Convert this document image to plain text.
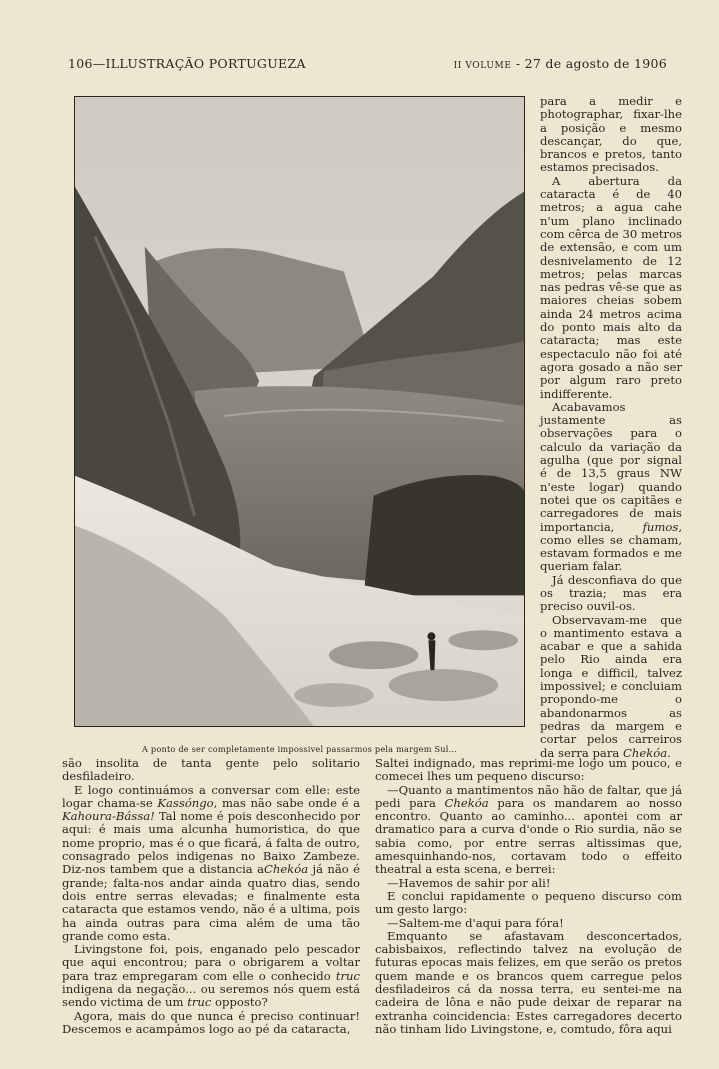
106—ILLUSTRAÇÃO PORTUGUEZA	II VOLUME - 27 de agosto de 1906
A ponto de ser completamente impossivel passarmos pela margem Sul...

para a medir e photographar, fixar-lhe a posição e mesmo descançar, do que, brancos e pretos, tanto estamos precisados.

A abertura da cataracta é de 40 metros; a agua cahe n'um plano inclinado com cêrca de 30 metros de extensão, e com um desnivelamento de 12 metros; pelas marcas nas pedras vê-se que as maiores cheias sobem ainda 24 metros acima do ponto mais alto da cataracta; mas este espectaculo não foi até agora gosado a não ser por algum raro preto indifferente.

Acabavamos justamente as observações para o calculo da variação da agulha (que por signal é de 13,5 graus NW n'este logar) quando notei que os capitães e carregadores de mais importancia, fumos, como elles se chamam, estavam formados e me queriam falar.

Já desconfiava do que os trazia; mas era preciso ouvil-os.

Observavam-me que o mantimento estava a acabar e que a sahida pelo Rio ainda era longa e difficil, talvez impossivel; e concluiam propondo-me o abandonarmos as pedras da margem e cortar pelos carreiros da serra para Chekóa.

são insolita de tanta gente pelo solitario desfiladeiro.

E logo continuámos a conversar com elle: este logar chama-se Kassóngo, mas não sabe onde é a Kahoura-Bássa! Tal nome é pois desconhecido por aqui: é mais uma alcunha humoristica, do que nome proprio, mas é o que ficará, á falta de outro, consagrado pelos indigenas no Baixo Zambeze. Diz-nos tambem que a distancia aChekóa já não é grande; falta-nos andar ainda quatro dias, sendo dois entre serras elevadas; e finalmente esta cataracta que estamos vendo, não é a ultima, pois ha ainda outras para cima além de uma tão grande como esta.

Livingstone foi, pois, enganado pelo pescador que aqui encontrou; para o obrigarem a voltar para traz empregaram com elle o conhecido truc indigena da negação... ou seremos nós quem está sendo victima de um truc opposto?

Agora, mais do que nunca é preciso continuar! Descemos e acampámos logo ao pé da cataracta,

Saltei indignado, mas reprimi-me logo um pouco, e comecei lhes um pequeno discurso:

—Quanto a mantimentos não hão de faltar, que já pedi para Chekóa para os mandarem ao nosso encontro. Quanto ao caminho... apontei com ar dramatico para a curva d'onde o Rio surdia, não se sabia como, por entre serras altissimas que, amesquinhando-nos, cortavam todo o effeito theatral a esta scena, e berrei:

—Havemos de sahir por ali!

E conclui rapidamente o pequeno discurso com um gesto largo:

—Saltem-me d'aqui para fóra!

Emquanto se afastavam desconcertados, cabisbaixos, reflectindo talvez na evolução de futuras epocas mais felizes, em que serão os pretos quem mande e os brancos quem carregue pelos desfiladeiros cá da nossa terra, eu sentei-me na cadeira de lôna e não pude deixar de reparar na extranha coincidencia: Estes carregadores decerto não tinham lido Livingstone, e, comtudo, fôra aqui
